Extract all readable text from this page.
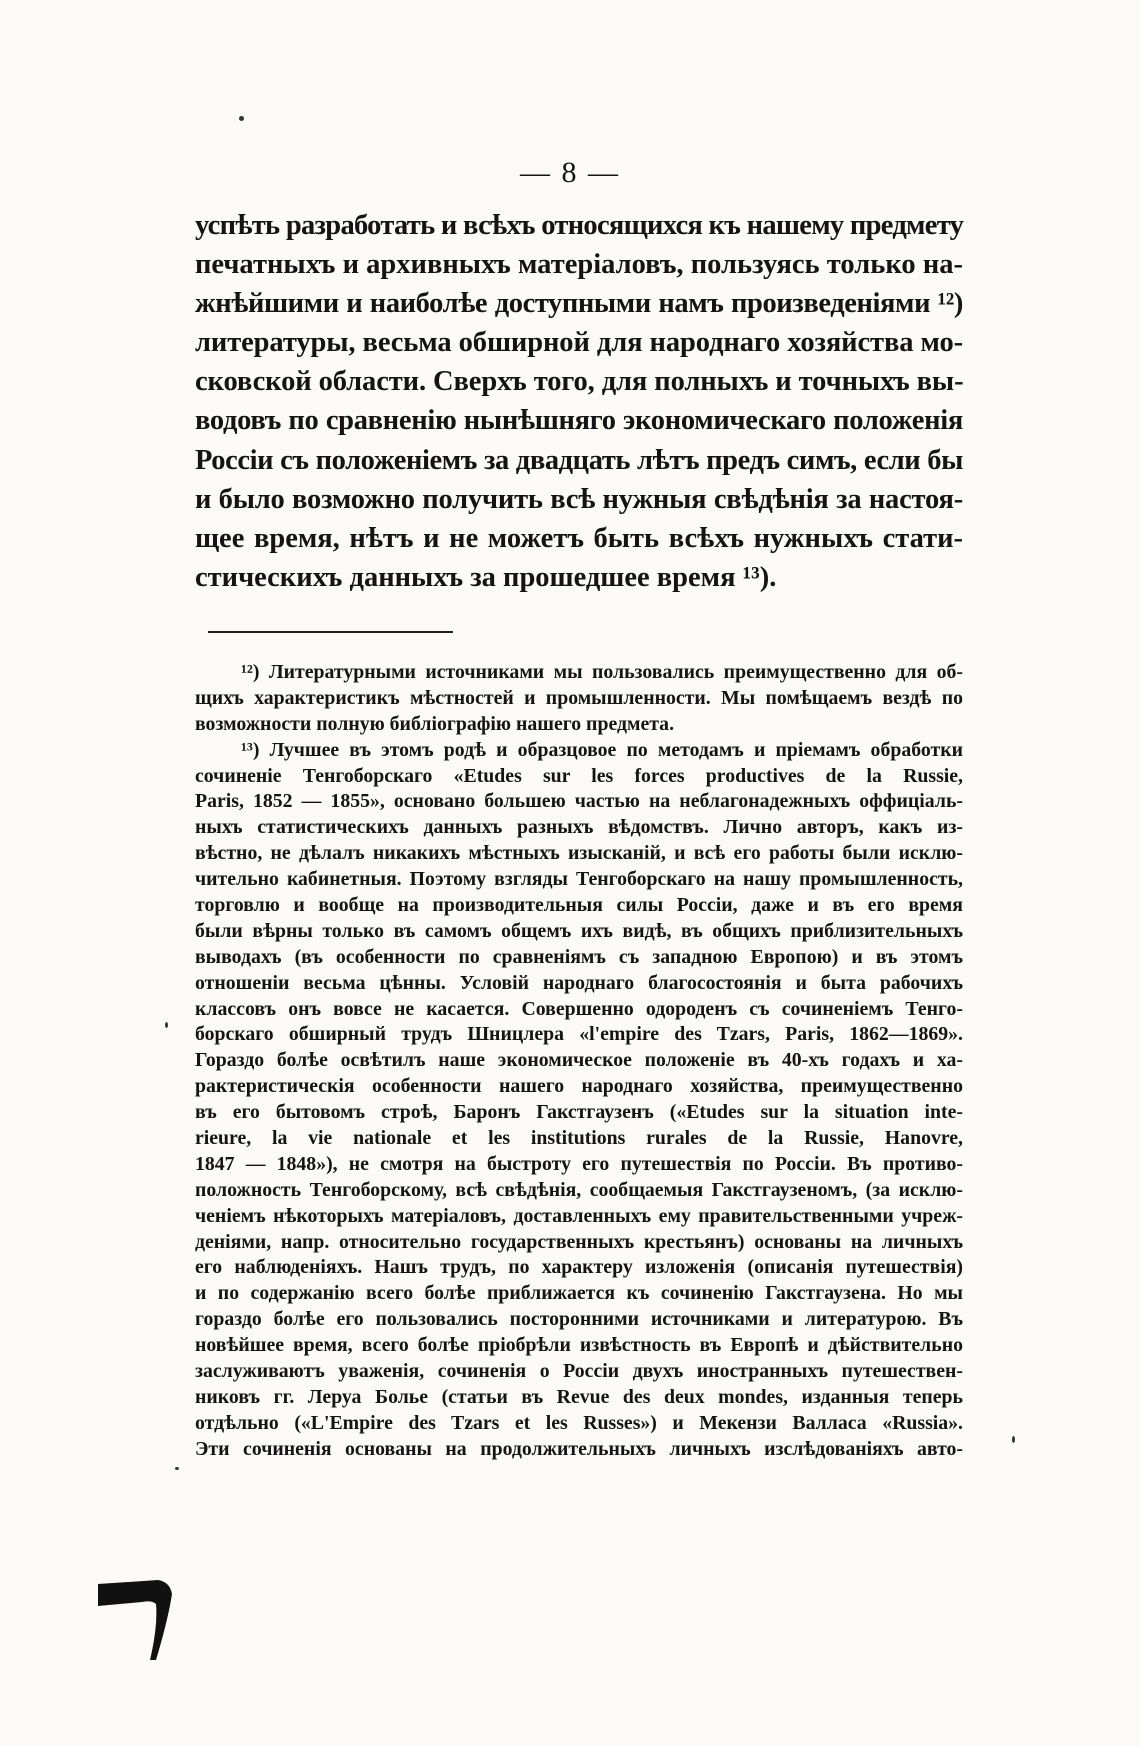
— 8 —
успѣть разработать и всѣхъ относящихся къ нашему предмету
печатныхъ и архивныхъ матеріаловъ, пользуясь только на-
жнѣйшими и наиболѣе доступными намъ произведеніями ¹²)
литературы, весьма обширной для народнаго хозяйства мо-
сковской области. Сверхъ того, для полныхъ и точныхъ вы-
водовъ по сравненію нынѣшняго экономическаго положенія
Россіи съ положеніемъ за двадцать лѣтъ предъ симъ, если бы
и было возможно получить всѣ нужныя свѣдѣнія за настоя-
щее время, нѣтъ и не можетъ быть всѣхъ нужныхъ стати-
стическихъ данныхъ за прошедшее время ¹³).
¹²) Литературными источниками мы пользовались преимущественно для об-
щихъ характеристикъ мѣстностей и промышленности. Мы помѣщаемъ вездѣ по
возможности полную библіографію нашего предмета.
¹³) Лучшее въ этомъ родѣ и образцовое по методамъ и пріемамъ обработки
сочиненіе Тенгоборскаго «Etudes sur les forces productives de la Russie,
Paris, 1852 — 1855», основано большею частью на неблагонадежныхъ оффиціаль-
ныхъ статистическихъ данныхъ разныхъ вѣдомствъ. Лично авторъ, какъ из-
вѣстно, не дѣлалъ никакихъ мѣстныхъ изысканій, и всѣ его работы были исклю-
чительно кабинетныя. Поэтому взгляды Тенгоборскаго на нашу промышленность,
торговлю и вообще на производительныя силы Россіи, даже и въ его время
были вѣрны только въ самомъ общемъ ихъ видѣ, въ общихъ приблизительныхъ
выводахъ (въ особенности по сравненіямъ съ западною Европою) и въ этомъ
отношеніи весьма цѣнны. Условій народнаго благосостоянія и быта рабочихъ
классовъ онъ вовсе не касается. Совершенно одороденъ съ сочиненіемъ Тенго-
борскаго обширный трудъ Шницлера «l'empire des Tzars, Paris, 1862—1869».
Гораздо болѣе освѣтилъ наше экономическое положеніе въ 40-хъ годахъ и ха-
рактеристическія особенности нашего народнаго хозяйства, преимущественно
въ его бытовомъ строѣ, Баронъ Гакстгаузенъ («Etudes sur la situation inte-
rieure, la vie nationale et les institutions rurales de la Russie, Hanovre,
1847 — 1848»), не смотря на быстроту его путешествія по Россіи. Въ противо-
положность Тенгоборскому, всѣ свѣдѣнія, сообщаемыя Гакстгаузеномъ, (за исклю-
ченіемъ нѣкоторыхъ матеріаловъ, доставленныхъ ему правительственными учреж-
деніями, напр. относительно государственныхъ крестьянъ) основаны на личныхъ
его наблюденіяхъ. Нашъ трудъ, по характеру изложенія (описанія путешествія)
и по содержанію всего болѣе приближается къ сочиненію Гакстгаузена. Но мы
гораздо болѣе его пользовались посторонними источниками и литературою. Въ
новѣйшее время, всего болѣе пріобрѣли извѣстность въ Европѣ и дѣйствительно
заслуживаютъ уваженія, сочиненія о Россіи двухъ иностранныхъ путешествен-
никовъ гг. Леруа Болье (статьи въ Revue des deux mondes, изданныя теперь
отдѣльно («L'Empire des Tzars et les Russes») и Мекензи Валласа «Russia».
Эти сочиненія основаны на продолжительныхъ личныхъ изслѣдованіяхъ авто-
